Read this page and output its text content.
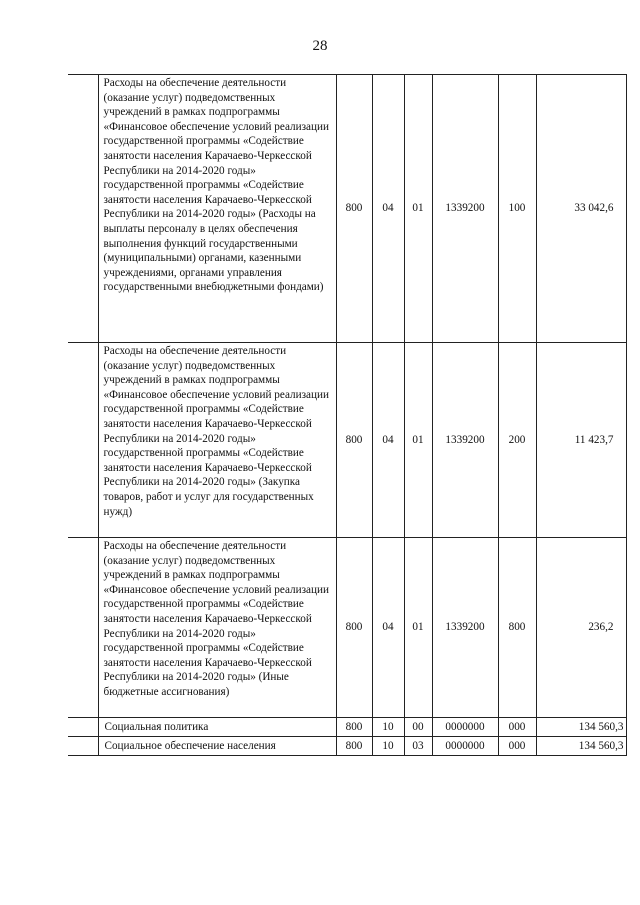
28
	Расходы на обеспечение деятельности (оказание услуг) подведомственных учреждений в рамках подпрограммы «Финансовое обеспечение условий реализации государственной программы «Содействие занятости населения Карачаево-Черкесской Республики на 2014-2020 годы» государственной программы «Содействие занятости населения Карачаево-Черкесской Республики на 2014-2020 годы» (Расходы на выплаты персоналу в целях обеспечения выполнения функций государственными (муниципальными) органами, казенными учреждениями, органами управления государственными внебюджетными фондами)	800	04	01	1339200	100	33 042,6
	Расходы на обеспечение деятельности (оказание услуг) подведомственных учреждений в рамках подпрограммы «Финансовое обеспечение условий реализации государственной программы «Содействие занятости населения Карачаево-Черкесской Республики на 2014-2020 годы» государственной программы «Содействие занятости населения Карачаево-Черкесской Республики на 2014-2020 годы» (Закупка товаров, работ и услуг для государственных нужд)	800	04	01	1339200	200	11 423,7
	Расходы на обеспечение деятельности (оказание услуг) подведомственных учреждений в рамках подпрограммы «Финансовое обеспечение условий реализации государственной программы «Содействие занятости населения Карачаево-Черкесской Республики на 2014-2020 годы» государственной программы «Содействие занятости населения Карачаево-Черкесской Республики на 2014-2020 годы» (Иные бюджетные ассигнования)	800	04	01	1339200	800	236,2
	Социальная политика	800	10	00	0000000	000	134 560,3
	Социальное обеспечение населения	800	10	03	0000000	000	134 560,3
